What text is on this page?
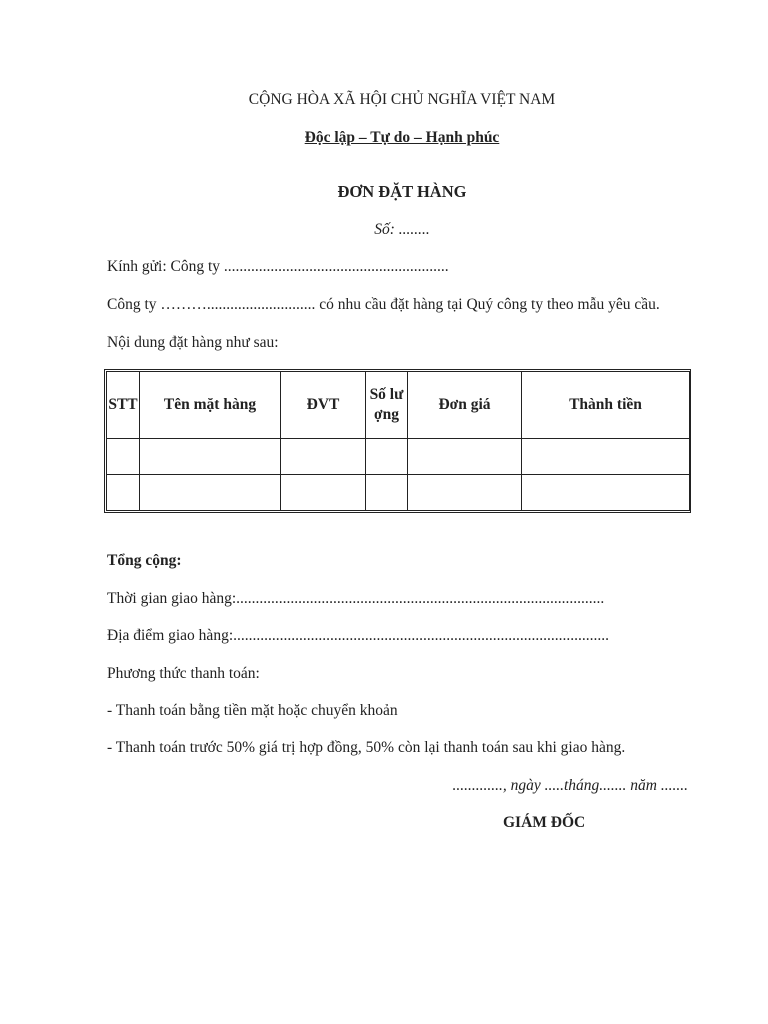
CỘNG HÒA XÃ HỘI CHỦ NGHĨA VIỆT NAM
Độc lập – Tự do – Hạnh phúc
ĐƠN ĐẶT HÀNG
Số: ........
Kính gửi: Công ty ..........................................................
Công ty ………............................ có nhu cầu đặt hàng tại Quý công ty theo mẫu yêu cầu.
Nội dung đặt hàng như sau:
STT	Tên mặt hàng	ĐVT	Số lượng	Đơn giá	Thành tiền

Tổng cộng:
Thời gian giao hàng:...............................................................................................
Địa điểm giao hàng:.................................................................................................
Phương thức thanh toán:
- Thanh toán bằng tiền mặt hoặc chuyển khoản
- Thanh toán trước 50% giá trị hợp đồng, 50% còn lại thanh toán sau khi giao hàng.
............., ngày .....tháng....... năm .......
GIÁM ĐỐC
